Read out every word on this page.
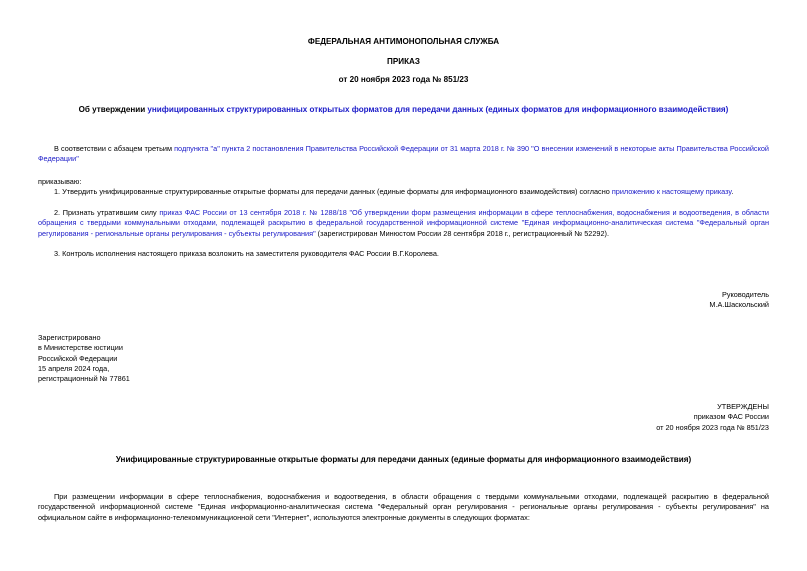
ФЕДЕРАЛЬНАЯ АНТИМОНОПОЛЬНАЯ СЛУЖБА
ПРИКАЗ
от 20 ноября 2023 года № 851/23
Об утверждении унифицированных структурированных открытых форматов для передачи данных (единых форматов для информационного взаимодействия)
В соответствии с абзацем третьим подпункта "а" пункта 2 постановления Правительства Российской Федерации от 31 марта 2018 г. № 390 "О внесении изменений в некоторые акты Правительства Российской Федерации"
приказываю:
1. Утвердить унифицированные структурированные открытые форматы для передачи данных (единые форматы для информационного взаимодействия) согласно приложению к настоящему приказу.
2. Признать утратившим силу приказ ФАС России от 13 сентября 2018 г. № 1288/18 "Об утверждении форм размещения информации в сфере теплоснабжения, водоснабжения и водоотведения, в области обращения с твердыми коммунальными отходами, подлежащей раскрытию в федеральной государственной информационной системе "Единая информационно-аналитическая система "Федеральный орган регулирования - региональные органы регулирования - субъекты регулирования" (зарегистрирован Минюстом России 28 сентября 2018 г., регистрационный № 52292).
3. Контроль исполнения настоящего приказа возложить на заместителя руководителя ФАС России В.Г.Королева.
Руководитель
М.А.Шаскольский
Зарегистрировано
в Министерстве юстиции
Российской Федерации
15 апреля 2024 года,
регистрационный № 77861
УТВЕРЖДЕНЫ
приказом ФАС России
от 20 ноября 2023 года № 851/23
Унифицированные структурированные открытые форматы для передачи данных (единые форматы для информационного взаимодействия)
При размещении информации в сфере теплоснабжения, водоснабжения и водоотведения, в области обращения с твердыми коммунальными отходами, подлежащей раскрытию в федеральной государственной информационной системе "Единая информационно-аналитическая система "Федеральный орган регулирования - региональные органы регулирования - субъекты регулирования" на официальном сайте в информационно-телекоммуникационной сети "Интернет", используются электронные документы в следующих форматах:
